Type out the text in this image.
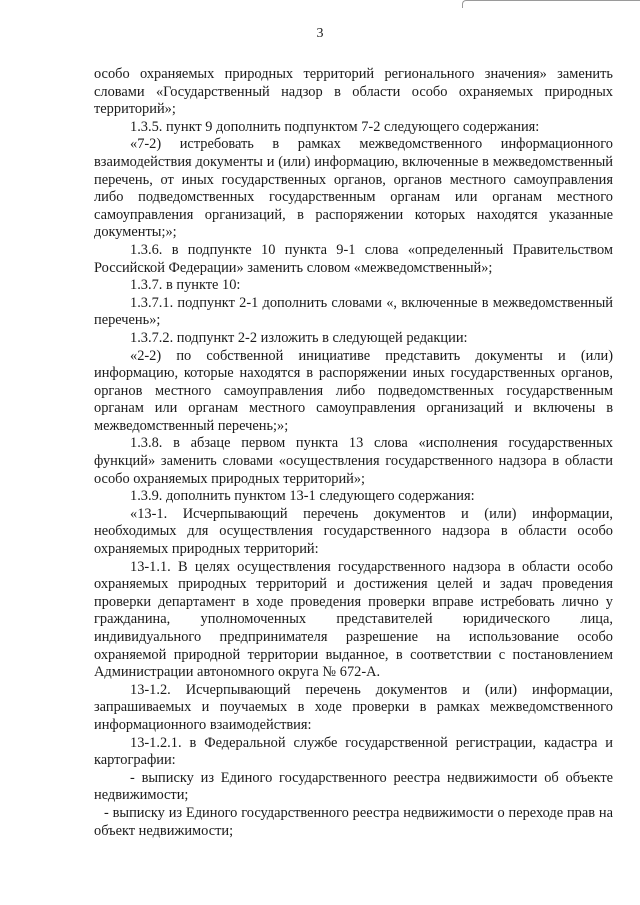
3

особо охраняемых природных территорий регионального значения» заменить словами «Государственный надзор в области особо охраняемых природных территорий»;

1.3.5. пункт 9 дополнить подпунктом 7-2 следующего содержания:

«7-2) истребовать в рамках межведомственного информационного взаимодействия документы и (или) информацию, включенные в межведомственный перечень, от иных государственных органов, органов местного самоуправления либо подведомственных государственным органам или органам местного самоуправления организаций, в распоряжении которых находятся указанные документы;»;

1.3.6. в подпункте 10 пункта 9-1 слова «определенный Правительством Российской Федерации» заменить словом «межведомственный»;

1.3.7. в пункте 10:

1.3.7.1. подпункт 2-1 дополнить словами «, включенные в межведомственный перечень»;

1.3.7.2. подпункт 2-2 изложить в следующей редакции:

«2-2) по собственной инициативе представить документы и (или) информацию, которые находятся в распоряжении иных государственных органов, органов местного самоуправления либо подведомственных государственным органам или органам местного самоуправления организаций и включены в межведомственный перечень;»;

1.3.8. в абзаце первом пункта 13 слова «исполнения государственных функций» заменить словами «осуществления государственного надзора в области особо охраняемых природных территорий»;

1.3.9. дополнить пунктом 13-1 следующего содержания:

«13-1. Исчерпывающий перечень документов и (или) информации, необходимых для осуществления государственного надзора в области особо охраняемых природных территорий:

13-1.1. В целях осуществления государственного надзора в области особо охраняемых природных территорий и достижения целей и задач проведения проверки департамент в ходе проведения проверки вправе истребовать лично у гражданина, уполномоченных представителей юридического лица, индивидуального предпринимателя разрешение на использование особо охраняемой природной территории выданное, в соответствии с постановлением Администрации автономного округа № 672-А.

13-1.2. Исчерпывающий перечень документов и (или) информации, запрашиваемых и поучаемых в ходе проверки в рамках межведомственного информационного взаимодействия:

13-1.2.1. в Федеральной службе государственной регистрации, кадастра и картографии:

- выписку из Единого государственного реестра недвижимости об объекте недвижимости;

- выписку из Единого государственного реестра недвижимости о переходе прав на объект недвижимости;
